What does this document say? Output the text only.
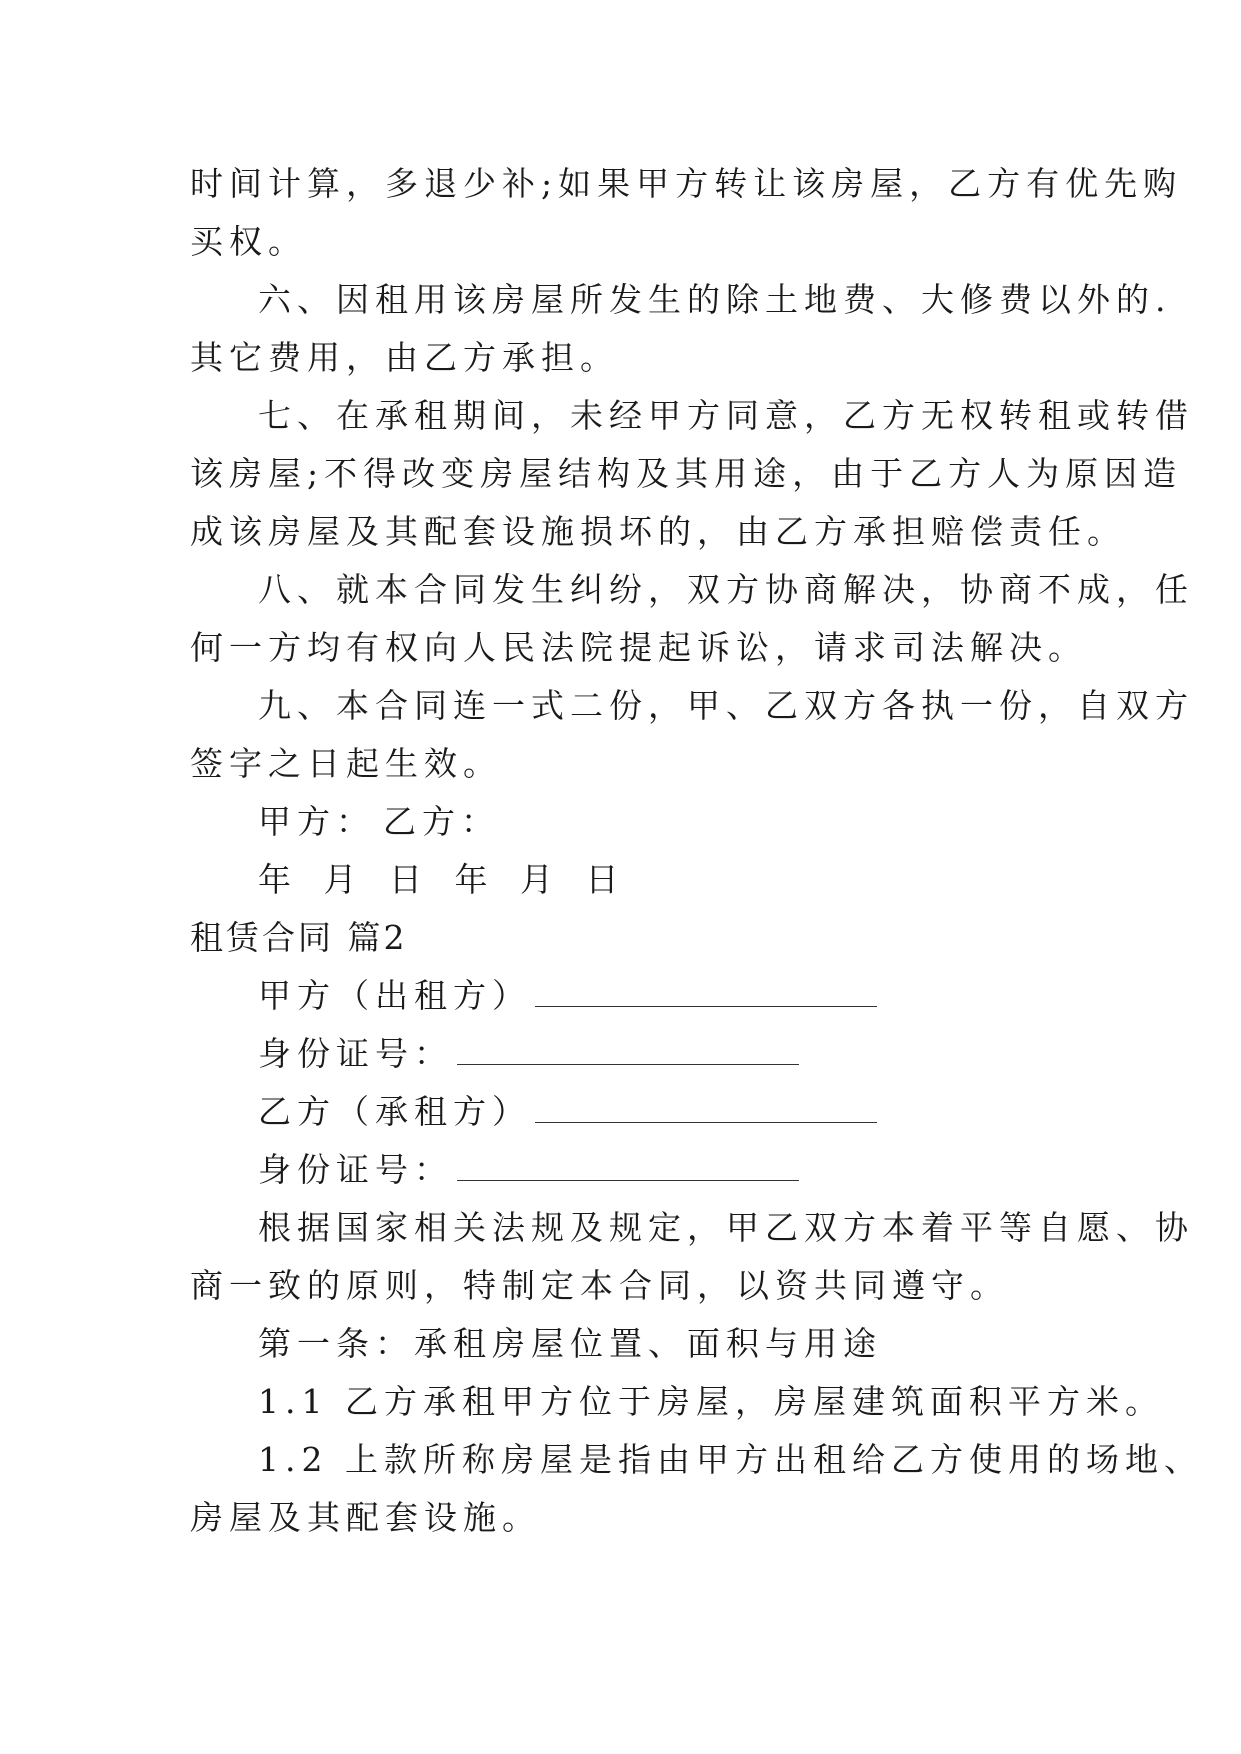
时间计算，多退少补;如果甲方转让该房屋，乙方有优先购
买权。
六、因租用该房屋所发生的除土地费、大修费以外的.
其它费用，由乙方承担。
七、在承租期间，未经甲方同意，乙方无权转租或转借
该房屋;不得改变房屋结构及其用途，由于乙方人为原因造
成该房屋及其配套设施损坏的，由乙方承担赔偿责任。
八、就本合同发生纠纷，双方协商解决，协商不成，任
何一方均有权向人民法院提起诉讼，请求司法解决。
九、本合同连一式二份，甲、乙双方各执一份，自双方
签字之日起生效。
甲方： 乙方：
年 月 日 年 月 日
租赁合同 篇2
甲方（出租方）
身份证号：
乙方（承租方）
身份证号：
根据国家相关法规及规定，甲乙双方本着平等自愿、协
商一致的原则，特制定本合同，以资共同遵守。
第一条：承租房屋位置、面积与用途
1.1 乙方承租甲方位于房屋，房屋建筑面积平方米。
1.2 上款所称房屋是指由甲方出租给乙方使用的场地、
房屋及其配套设施。
